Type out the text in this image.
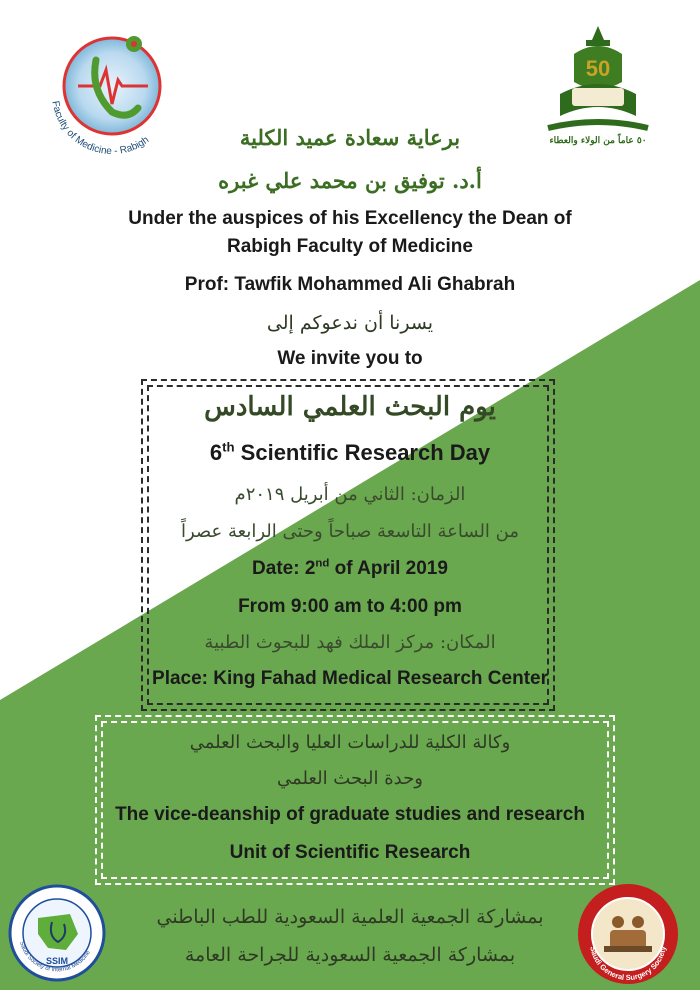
Faculty of Medicine - Rabigh
50
٥٠ عاماً من الولاء والعطاء
برعاية سعادة عميد الكلية
أ.د. توفيق بن محمد علي غبره
Under the auspices of his Excellency the Dean of
Rabigh Faculty of Medicine
Prof: Tawfik Mohammed Ali Ghabrah
يسرنا أن ندعوكم إلى
We invite you to
يوم البحث العلمي السادس
6th Scientific Research Day
الزمان: الثاني من أبريل ٢٠١٩م
من الساعة التاسعة صباحاً وحتى الرابعة عصراً
Date: 2nd of April 2019
From 9:00 am to 4:00 pm
المكان: مركز الملك فهد للبحوث الطبية
Place: King Fahad Medical Research Center
وكالة الكلية للدراسات العليا والبحث العلمي
وحدة البحث العلمي
The vice-deanship of graduate studies and research
Unit of Scientific Research
بمشاركة الجمعية العلمية السعودية للطب الباطني
بمشاركة الجمعية السعودية للجراحة العامة
SSIM
Saudi Society of Internal Medicine
Saudi General Surgery Society
